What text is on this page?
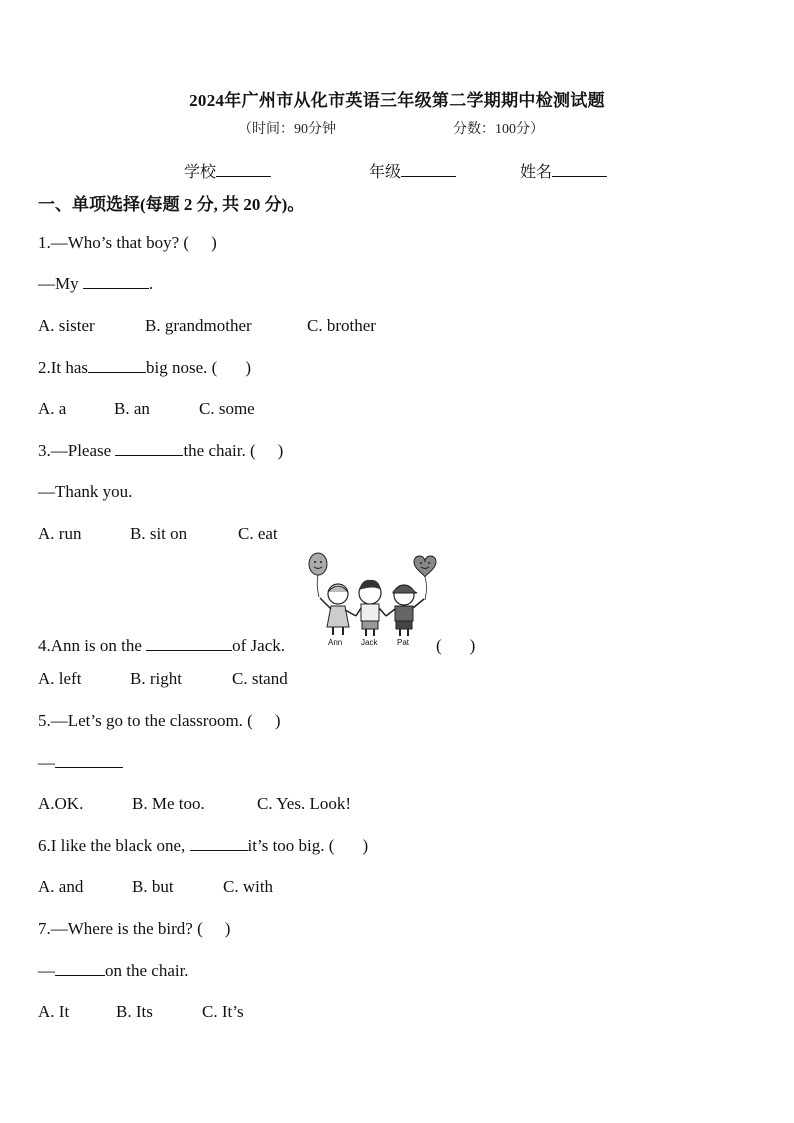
2024年广州市从化市英语三年级第二学期期中检测试题
（时间：90分钟	分数：100分）
学校	年级	姓名
一、单项选择(每题 2 分, 共 20 分)。
1.—Who’s that boy? ( )
—My	.
A. sister	B. grandmother	C. brother
2.It has	big nose. ( )
A. a	B. an	C. some
3.—Please	the chair. ( )
—Thank you.
A. run	B. sit on	C. eat
Ann Jack Pat
4.Ann is on the	of Jack.	( )
A. left	B. right	C. stand
5.—Let’s go to the classroom. ( )
—
A.OK.	B. Me too.	C. Yes. Look!
6.I like the black one,	it’s too big. ( )
A. and	B. but	C. with
7.—Where is the bird? ( )
—	on the chair.
A. It	B. Its	C. It’s
